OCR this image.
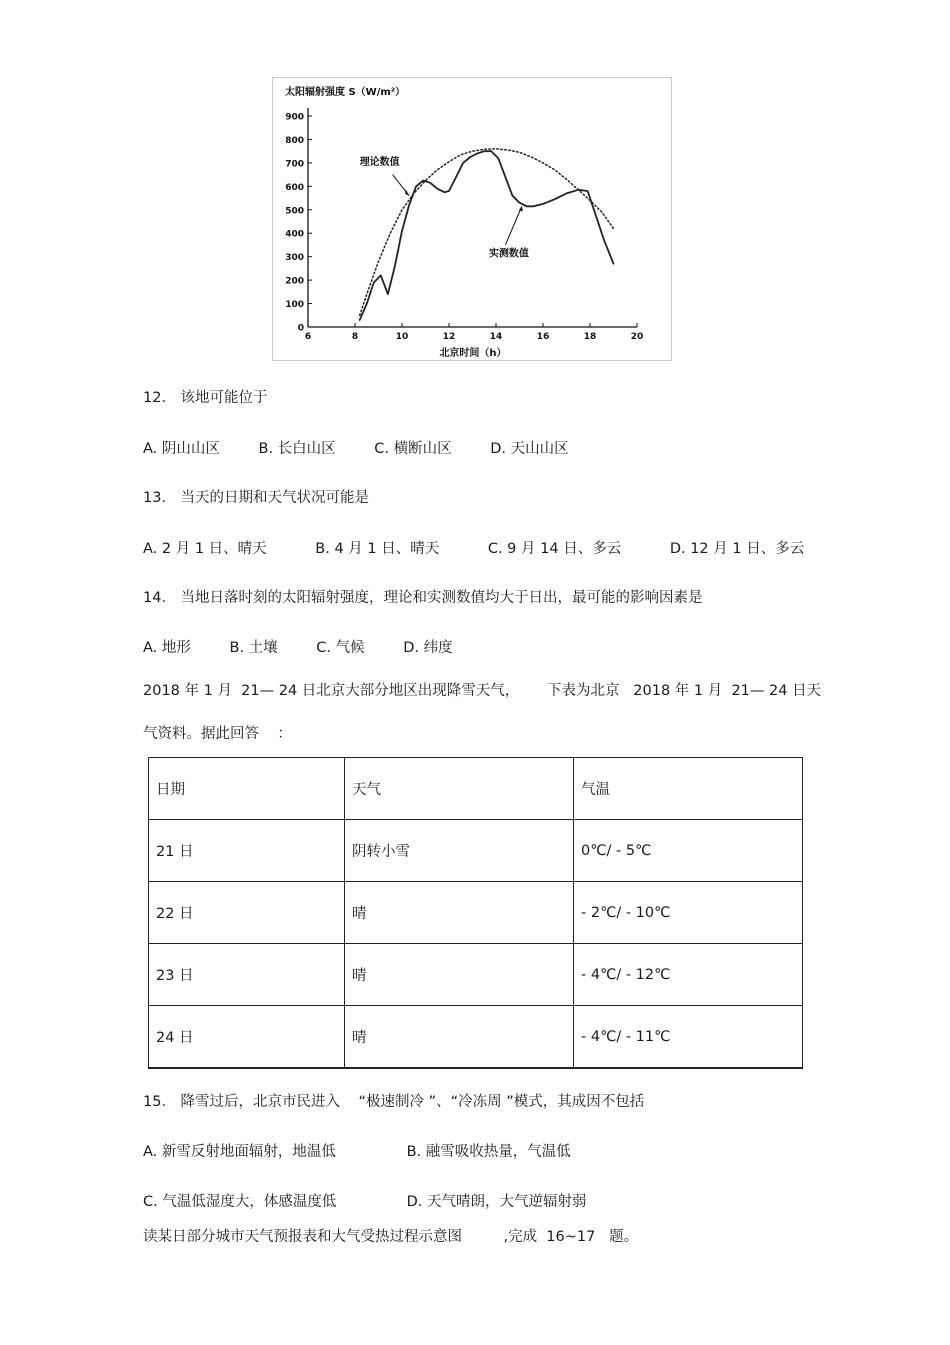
太阳辐射强度 S（W/m²）
北京时间（h）
0
100
200
300
400
500
600
700
800
900
6	8	10	12	14	16	18	20
理论数值
实测数值
12． 该地可能位于
A. 阴山山区	B. 长白山区	C. 横断山区	D. 天山山区
13． 当天的日期和天气状况可能是
A. 2 月 1 日、晴天	B. 4 月 1 日、晴天	C. 9 月 14 日、多云	D. 12 月 1 日、多云
14． 当地日落时刻的太阳辐射强度，理论和实测数值均大于日出，最可能的影响因素是
A. 地形	B. 土壤	C. 气候	D. 纬度
2018 年 1 月  21— 24 日北京大部分地区出现降雪天气，      下表为北京   2018 年 1 月  21— 24 日天
气资料。据此回答    ：
日期	天气	气温
21 日	阴转小雪	0℃/ - 5℃
22 日	晴	- 2℃/ - 10℃
23 日	晴	- 4℃/ - 12℃
24 日	晴	- 4℃/ - 11℃
15． 降雪过后，北京市民进入    “极速制冷 ”、“冷冻周 ”模式，其成因不包括
A. 新雪反射地面辐射，地温低	B. 融雪吸收热量，气温低
C. 气温低湿度大，体感温度低	D. 天气晴朗，大气逆辐射弱
读某日部分城市天气预报表和大气受热过程示意图         ,完成  16~17   题。
